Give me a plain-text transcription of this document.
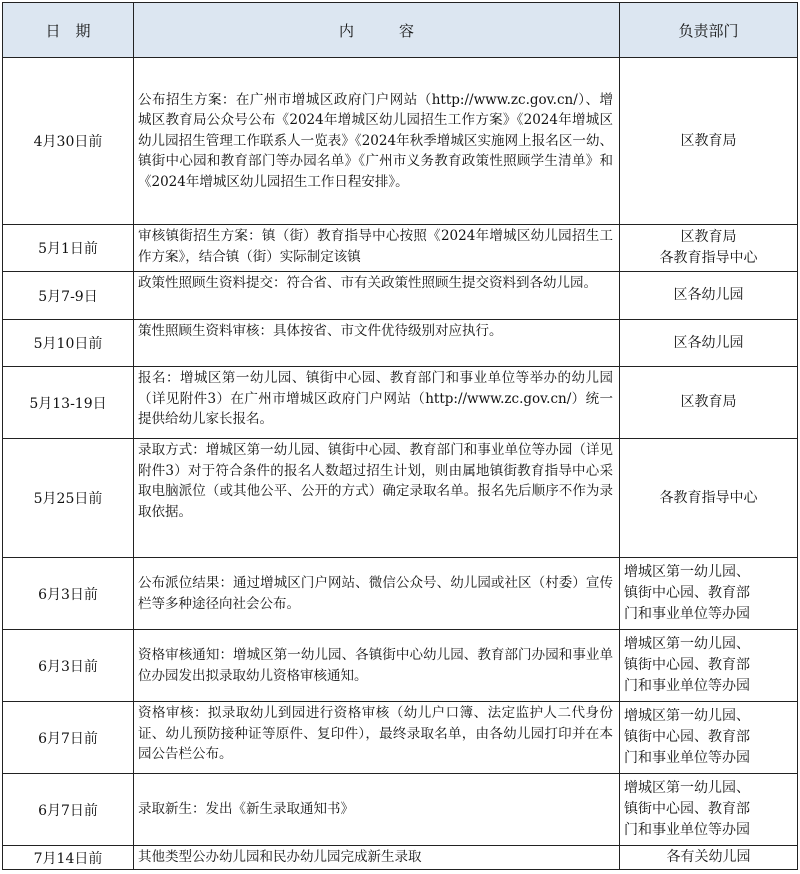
日　期	内　　　容	负责部门
4月30日前	公布招生方案：在广州市增城区政府门户网站（http://www.zc.gov.cn/）、增城区教育局公众号公布《2024年增城区幼儿园招生工作方案》《2024年增城区幼儿园招生管理工作联系人一览表》《2024年秋季增城区实施网上报名区一幼、镇街中心园和教育部门等办园名单》《广州市义务教育政策性照顾学生清单》和《2024年增城区幼儿园招生工作日程安排》。	区教育局

5月1日前	审核镇街招生方案：镇（街）教育指导中心按照《2024年增城区幼儿园招生工作方案》，结合镇（街）实际制定该镇	区教育局
各教育指导中心

5月7-9日	政策性照顾生资料提交：符合省、市有关政策性照顾生提交资料到各幼儿园。	区各幼儿园

5月10日前	策性照顾生资料审核：具体按省、市文件优待级别对应执行。	区各幼儿园

5月13-19日	报名：增城区第一幼儿园、镇街中心园、教育部门和事业单位等举办的幼儿园（详见附件3）在广州市增城区政府门户网站（http://www.zc.gov.cn/）统一提供给幼儿家长报名。	区教育局

5月25日前	录取方式：增城区第一幼儿园、镇街中心园、教育部门和事业单位等办园（详见附件3）对于符合条件的报名人数超过招生计划，则由属地镇街教育指导中心采取电脑派位（或其他公平、公开的方式）确定录取名单。报名先后顺序不作为录取依据。	各教育指导中心

6月3日前	公布派位结果：通过增城区门户网站、微信公众号、幼儿园或社区（村委）宣传栏等多种途径向社会公布。	增城区第一幼儿园、
镇街中心园、教育部
门和事业单位等办园

6月3日前	资格审核通知：增城区第一幼儿园、各镇街中心幼儿园、教育部门办园和事业单位办园发出拟录取幼儿资格审核通知。	增城区第一幼儿园、
镇街中心园、教育部
门和事业单位等办园

6月7日前	资格审核：拟录取幼儿到园进行资格审核（幼儿户口簿、法定监护人二代身份证、幼儿预防接种证等原件、复印件），最终录取名单，由各幼儿园打印并在本园公告栏公布。	增城区第一幼儿园、
镇街中心园、教育部
门和事业单位等办园

6月7日前	录取新生：发出《新生录取通知书》	增城区第一幼儿园、
镇街中心园、教育部
门和事业单位等办园

7月14日前	其他类型公办幼儿园和民办幼儿园完成新生录取	各有关幼儿园
